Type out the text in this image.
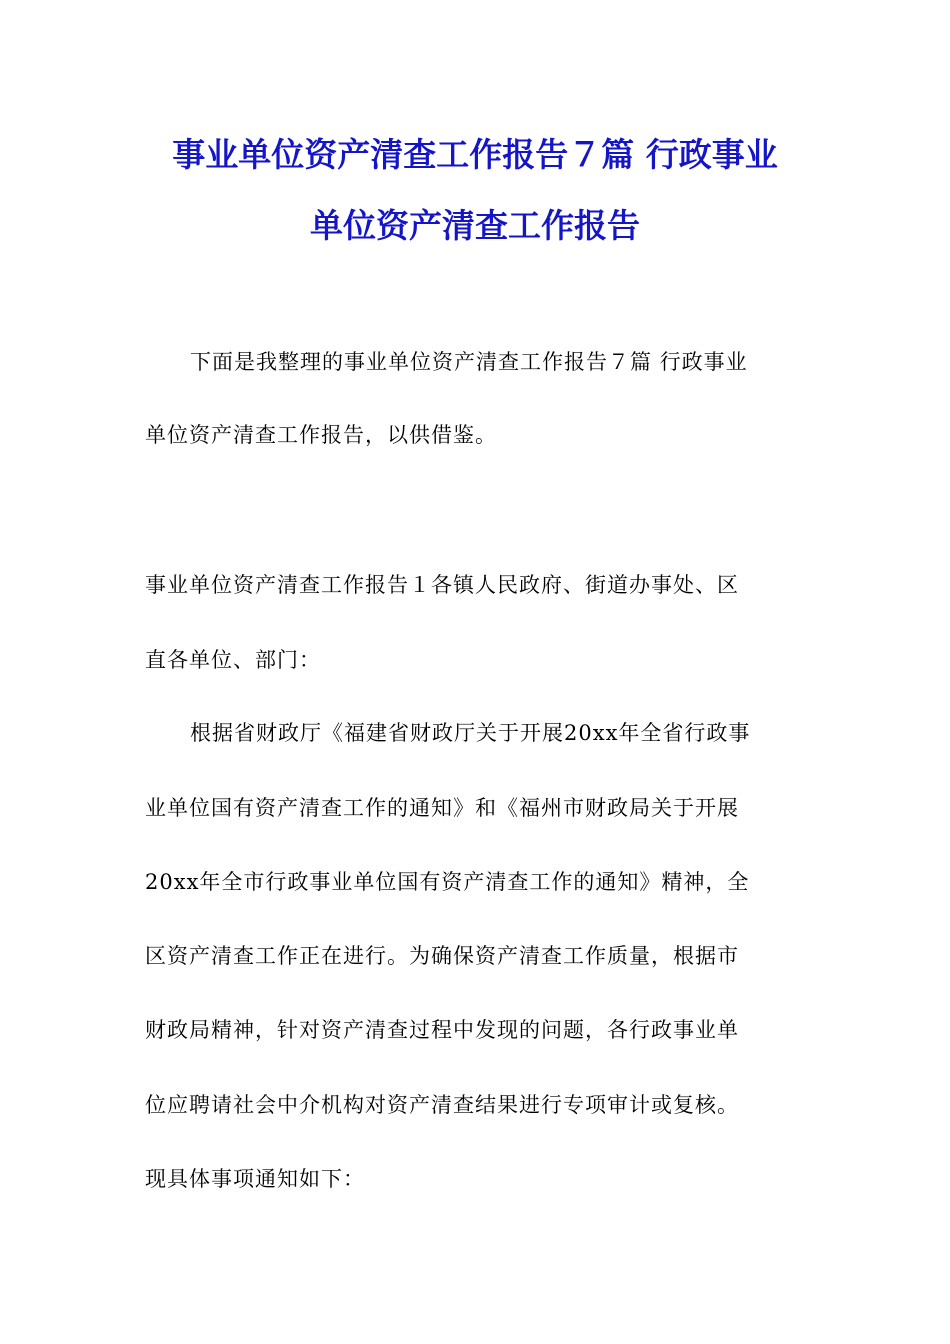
事业单位资产清查工作报告７篇 行政事业
单位资产清查工作报告
下面是我整理的事业单位资产清查工作报告７篇 行政事业
单位资产清查工作报告，以供借鉴。
事业单位资产清查工作报告１各镇人民政府、街道办事处、区
直各单位、部门：
根据省财政厅《福建省财政厅关于开展20xx年全省行政事
业单位国有资产清查工作的通知》和《福州市财政局关于开展
20xx年全市行政事业单位国有资产清查工作的通知》精神，全
区资产清查工作正在进行。为确保资产清查工作质量，根据市
财政局精神，针对资产清查过程中发现的问题，各行政事业单
位应聘请社会中介机构对资产清查结果进行专项审计或复核。
现具体事项通知如下：
